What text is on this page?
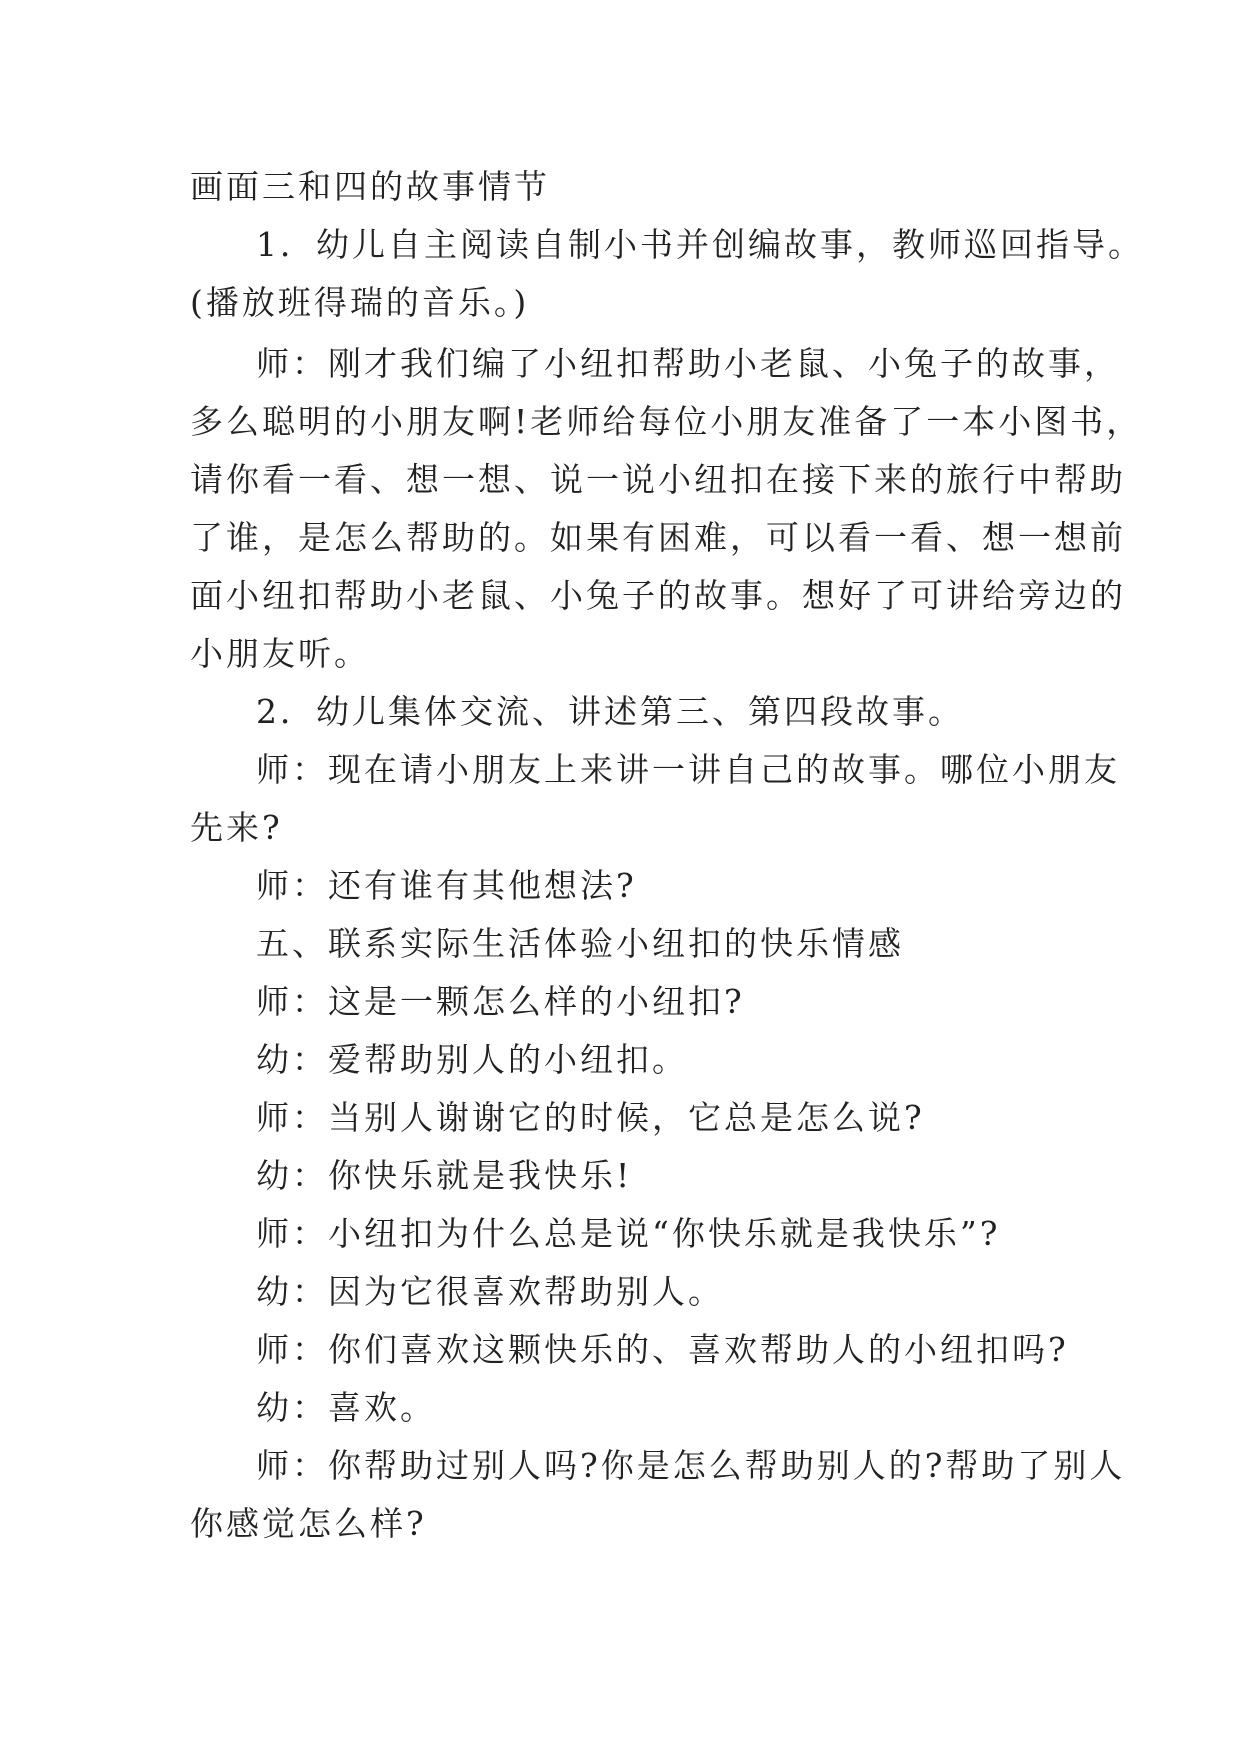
画面三和四的故事情节
1．幼儿自主阅读自制小书并创编故事，教师巡回指导。
(播放班得瑞的音乐。)
师：刚才我们编了小纽扣帮助小老鼠、小兔子的故事，
多么聪明的小朋友啊!老师给每位小朋友准备了一本小图书，
请你看一看、想一想、说一说小纽扣在接下来的旅行中帮助
了谁，是怎么帮助的。如果有困难，可以看一看、想一想前
面小纽扣帮助小老鼠、小兔子的故事。想好了可讲给旁边的
小朋友听。
2．幼儿集体交流、讲述第三、第四段故事。
师：现在请小朋友上来讲一讲自己的故事。哪位小朋友
先来?
师：还有谁有其他想法?
五、联系实际生活体验小纽扣的快乐情感
师：这是一颗怎么样的小纽扣?
幼：爱帮助别人的小纽扣。
师：当别人谢谢它的时候，它总是怎么说?
幼：你快乐就是我快乐!
师：小纽扣为什么总是说“你快乐就是我快乐”?
幼：因为它很喜欢帮助别人。
师：你们喜欢这颗快乐的、喜欢帮助人的小纽扣吗?
幼：喜欢。
师：你帮助过别人吗?你是怎么帮助别人的?帮助了别人
你感觉怎么样?
